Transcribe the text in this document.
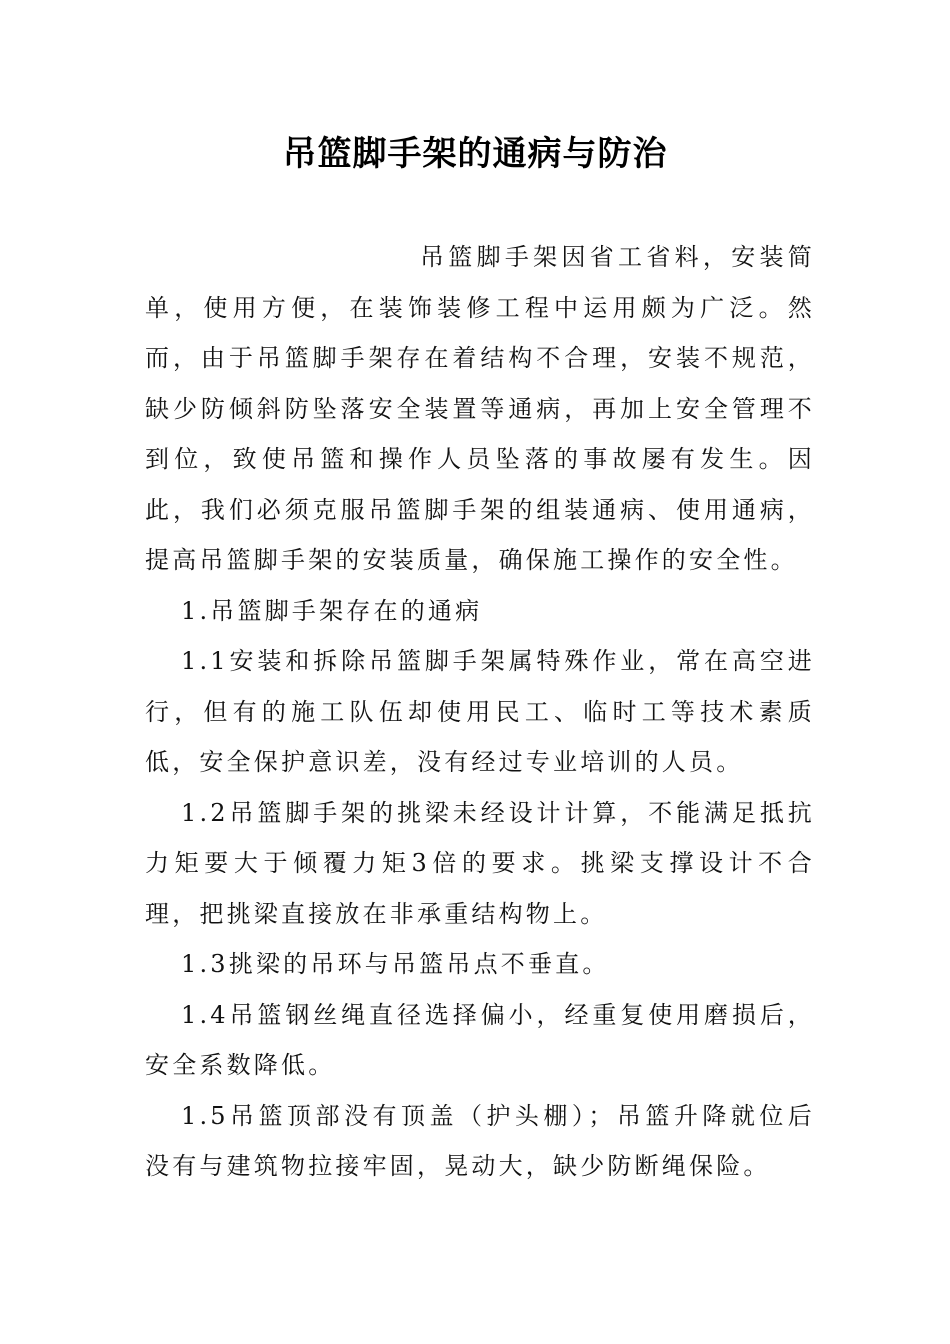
吊篮脚手架的通病与防治

吊篮脚手架因省工省料，安装简单，使用方便，在装饰装修工程中运用颇为广泛。然而，由于吊篮脚手架存在着结构不合理，安装不规范，缺少防倾斜防坠落安全装置等通病，再加上安全管理不到位，致使吊篮和操作人员坠落的事故屡有发生。因此，我们必须克服吊篮脚手架的组装通病、使用通病，提高吊篮脚手架的安装质量，确保施工操作的安全性。

1.吊篮脚手架存在的通病

1.1安装和拆除吊篮脚手架属特殊作业，常在高空进行，但有的施工队伍却使用民工、临时工等技术素质低，安全保护意识差，没有经过专业培训的人员。

1.2吊篮脚手架的挑梁未经设计计算，不能满足抵抗力矩要大于倾覆力矩3倍的要求。挑梁支撑设计不合理，把挑梁直接放在非承重结构物上。

1.3挑梁的吊环与吊篮吊点不垂直。

1.4吊篮钢丝绳直径选择偏小，经重复使用磨损后，安全系数降低。

1.5吊篮顶部没有顶盖（护头棚）；吊篮升降就位后没有与建筑物拉接牢固，晃动大，缺少防断绳保险。
